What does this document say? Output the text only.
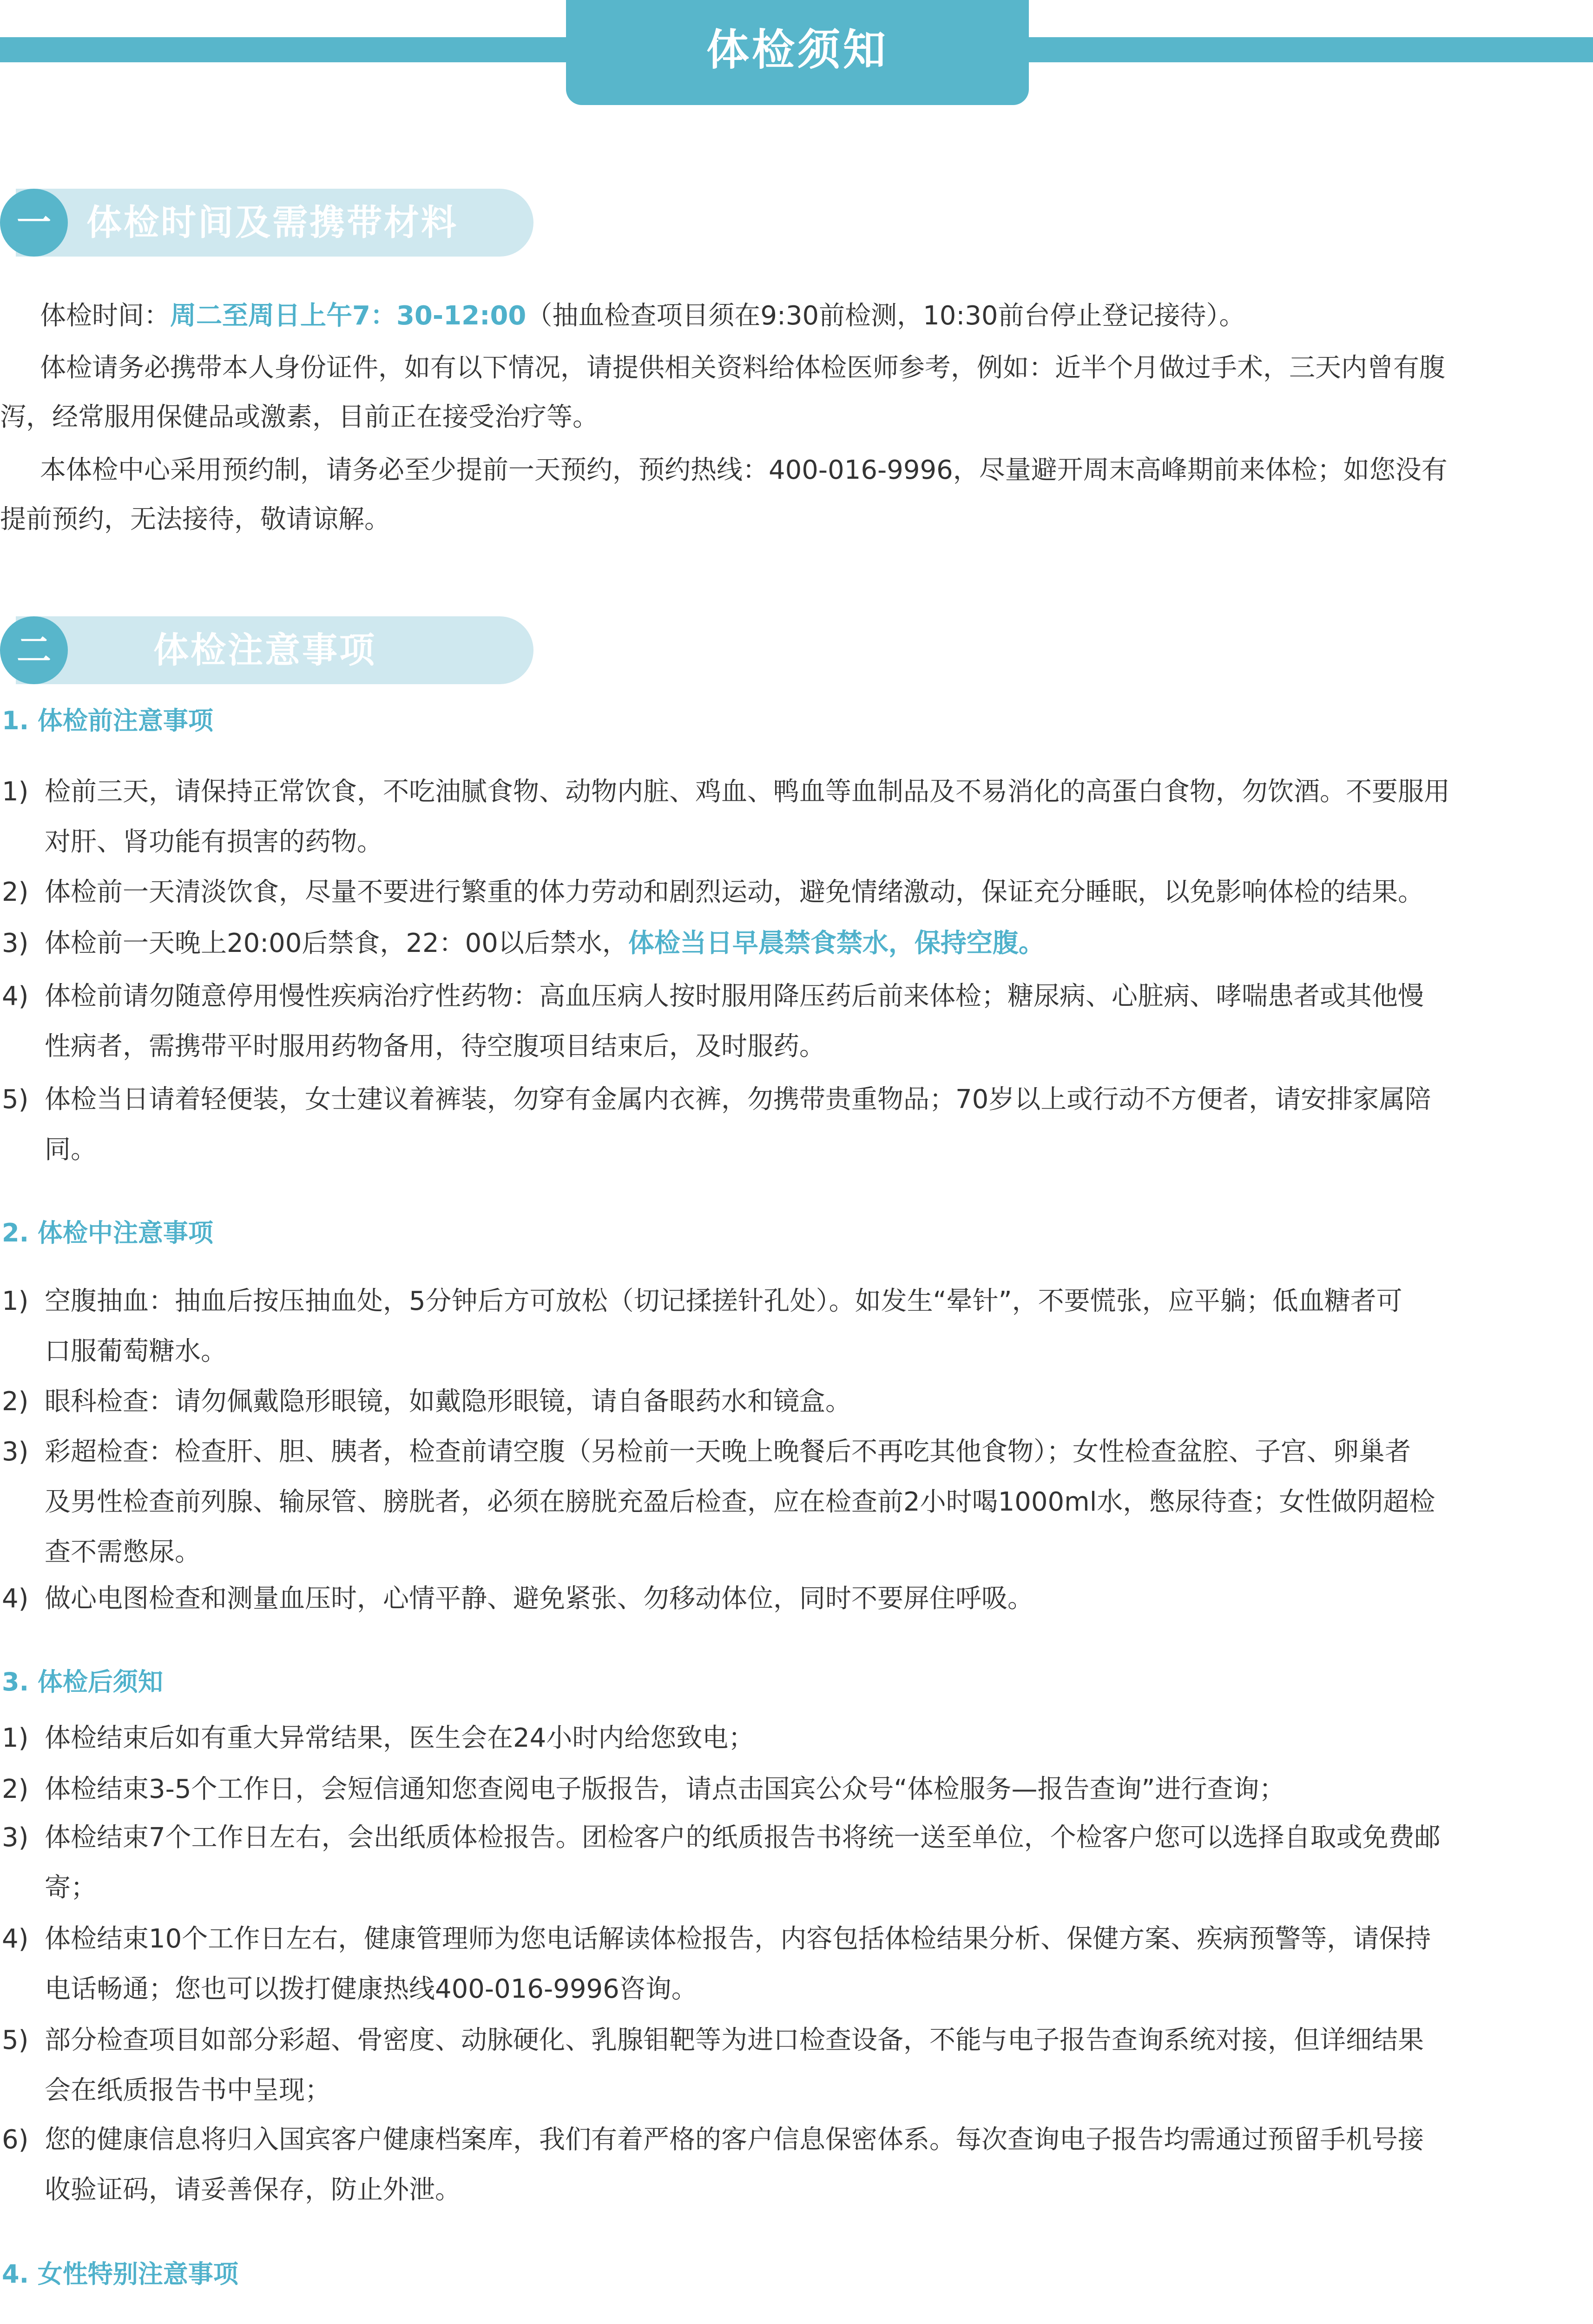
体检须知
一	体检时间及需携带材料
体检时间：周二至周日上午7：30-12:00（抽血检查项目须在9:30前检测，10:30前台停止登记接待）。
体检请务必携带本人身份证件，如有以下情况，请提供相关资料给体检医师参考，例如：近半个月做过手术，三天内曾有腹
泻，经常服用保健品或激素，目前正在接受治疗等。
本体检中心采用预约制，请务必至少提前一天预约，预约热线：400-016-9996，尽量避开周末高峰期前来体检；如您没有
提前预约，无法接待，敬请谅解。
二	体检注意事项
1. 体检前注意事项
1) 检前三天，请保持正常饮食，不吃油腻食物、动物内脏、鸡血、鸭血等血制品及不易消化的高蛋白食物，勿饮酒。不要服用
对肝、肾功能有损害的药物。
2) 体检前一天清淡饮食，尽量不要进行繁重的体力劳动和剧烈运动，避免情绪激动，保证充分睡眠，以免影响体检的结果。
3) 体检前一天晚上20:00后禁食，22：00以后禁水，体检当日早晨禁食禁水，保持空腹。
4) 体检前请勿随意停用慢性疾病治疗性药物：高血压病人按时服用降压药后前来体检；糖尿病、心脏病、哮喘患者或其他慢
性病者，需携带平时服用药物备用，待空腹项目结束后，及时服药。
5) 体检当日请着轻便装，女士建议着裤装，勿穿有金属内衣裤，勿携带贵重物品；70岁以上或行动不方便者，请安排家属陪
同。
2. 体检中注意事项
1) 空腹抽血：抽血后按压抽血处，5分钟后方可放松（切记揉搓针孔处）。如发生“晕针”，不要慌张，应平躺；低血糖者可
口服葡萄糖水。
2) 眼科检查：请勿佩戴隐形眼镜，如戴隐形眼镜，请自备眼药水和镜盒。
3) 彩超检查：检查肝、胆、胰者，检查前请空腹（另检前一天晚上晚餐后不再吃其他食物）；女性检查盆腔、子宫、卵巢者
及男性检查前列腺、输尿管、膀胱者，必须在膀胱充盈后检查，应在检查前2小时喝1000ml水，憋尿待查；女性做阴超检
查不需憋尿。
4) 做心电图检查和测量血压时，心情平静、避免紧张、勿移动体位，同时不要屏住呼吸。
3. 体检后须知
1) 体检结束后如有重大异常结果，医生会在24小时内给您致电；
2) 体检结束3-5个工作日，会短信通知您查阅电子版报告，请点击国宾公众号“体检服务—报告查询”进行查询；
3) 体检结束7个工作日左右，会出纸质体检报告。团检客户的纸质报告书将统一送至单位，个检客户您可以选择自取或免费邮
寄；
4) 体检结束10个工作日左右，健康管理师为您电话解读体检报告，内容包括体检结果分析、保健方案、疾病预警等，请保持
电话畅通；您也可以拨打健康热线400-016-9996咨询。
5) 部分检查项目如部分彩超、骨密度、动脉硬化、乳腺钼靶等为进口检查设备，不能与电子报告查询系统对接，但详细结果
会在纸质报告书中呈现；
6) 您的健康信息将归入国宾客户健康档案库，我们有着严格的客户信息保密体系。每次查询电子报告均需通过预留手机号接
收验证码，请妥善保存，防止外泄。
4. 女性特别注意事项
